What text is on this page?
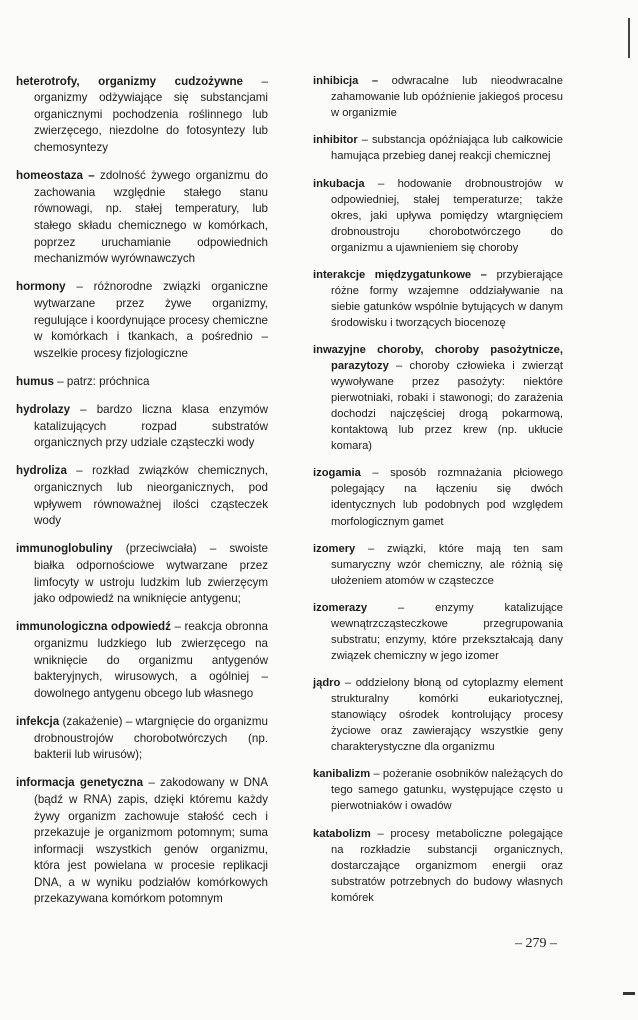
heterotrofy, organizmy cudzożywne – organizmy odżywiające się substancjami organicznymi pochodzenia roślinnego lub zwierzęcego, niezdolne do fotosyntezy lub chemosyntezy

homeostaza – zdolność żywego organizmu do zachowania względnie stałego stanu równowagi, np. stałej temperatury, lub stałego składu chemicznego w komórkach, poprzez uruchamianie odpowiednich mechanizmów wyrównawczych

hormony – różnorodne związki organiczne wytwarzane przez żywe organizmy, regulujące i koordynujące procesy chemiczne w komórkach i tkankach, a pośrednio – wszelkie procesy fizjologiczne

humus – patrz: próchnica

hydrolazy – bardzo liczna klasa enzymów katalizujących rozpad substratów organicznych przy udziale cząsteczki wody

hydroliza – rozkład związków chemicznych, organicznych lub nieorganicznych, pod wpływem równoważnej ilości cząsteczek wody

immunoglobuliny (przeciwciała) – swoiste białka odpornościowe wytwarzane przez limfocyty w ustroju ludzkim lub zwierzęcym jako odpowiedź na wniknięcie antygenu;

immunologiczna odpowiedź – reakcja obronna organizmu ludzkiego lub zwierzęcego na wniknięcie do organizmu antygenów bakteryjnych, wirusowych, a ogólniej – dowolnego antygenu obcego lub własnego

infekcja (zakażenie) – wtargnięcie do organizmu drobnoustrojów chorobotwórczych (np. bakterii lub wirusów);

informacja genetyczna – zakodowany w DNA (bądź w RNA) zapis, dzięki któremu każdy żywy organizm zachowuje stałość cech i przekazuje je organizmom potomnym; suma informacji wszystkich genów organizmu, która jest powielana w procesie replikacji DNA, a w wyniku podziałów komórkowych przekazywana komórkom potomnym

inhibicja – odwracalne lub nieodwracalne zahamowanie lub opóźnienie jakiegoś procesu w organizmie

inhibitor – substancja opóźniająca lub całkowicie hamująca przebieg danej reakcji chemicznej

inkubacja – hodowanie drobnoustrojów w odpowiedniej, stałej temperaturze; także okres, jaki upływa pomiędzy wtargnięciem drobnoustroju chorobotwórczego do organizmu a ujawnieniem się choroby

interakcje międzygatunkowe – przybierające różne formy wzajemne oddziaływanie na siebie gatunków wspólnie bytujących w danym środowisku i tworzących biocenozę

inwazyjne choroby, choroby pasożytnicze, parazytozy – choroby człowieka i zwierząt wywoływane przez pasożyty: niektóre pierwotniaki, robaki i stawonogi; do zarażenia dochodzi najczęściej drogą pokarmową, kontaktową lub przez krew (np. ukłucie komara)

izogamia – sposób rozmnażania płciowego polegający na łączeniu się dwóch identycznych lub podobnych pod względem morfologicznym gamet

izomery – związki, które mają ten sam sumaryczny wzór chemiczny, ale różnią się ułożeniem atomów w cząsteczce

izomerazy – enzymy katalizujące wewnątrzcząsteczkowe przegrupowania substratu; enzymy, które przekształcają dany związek chemiczny w jego izomer

jądro – oddzielony błoną od cytoplazmy element strukturalny komórki eukariotycznej, stanowiący ośrodek kontrolujący procesy życiowe oraz zawierający wszystkie geny charakterystyczne dla organizmu

kanibalizm – pożeranie osobników należących do tego samego gatunku, występujące często u pierwotniaków i owadów

katabolizm – procesy metaboliczne polegające na rozkładzie substancji organicznych, dostarczające organizmom energii oraz substratów potrzebnych do budowy własnych komórek

– 279 –
